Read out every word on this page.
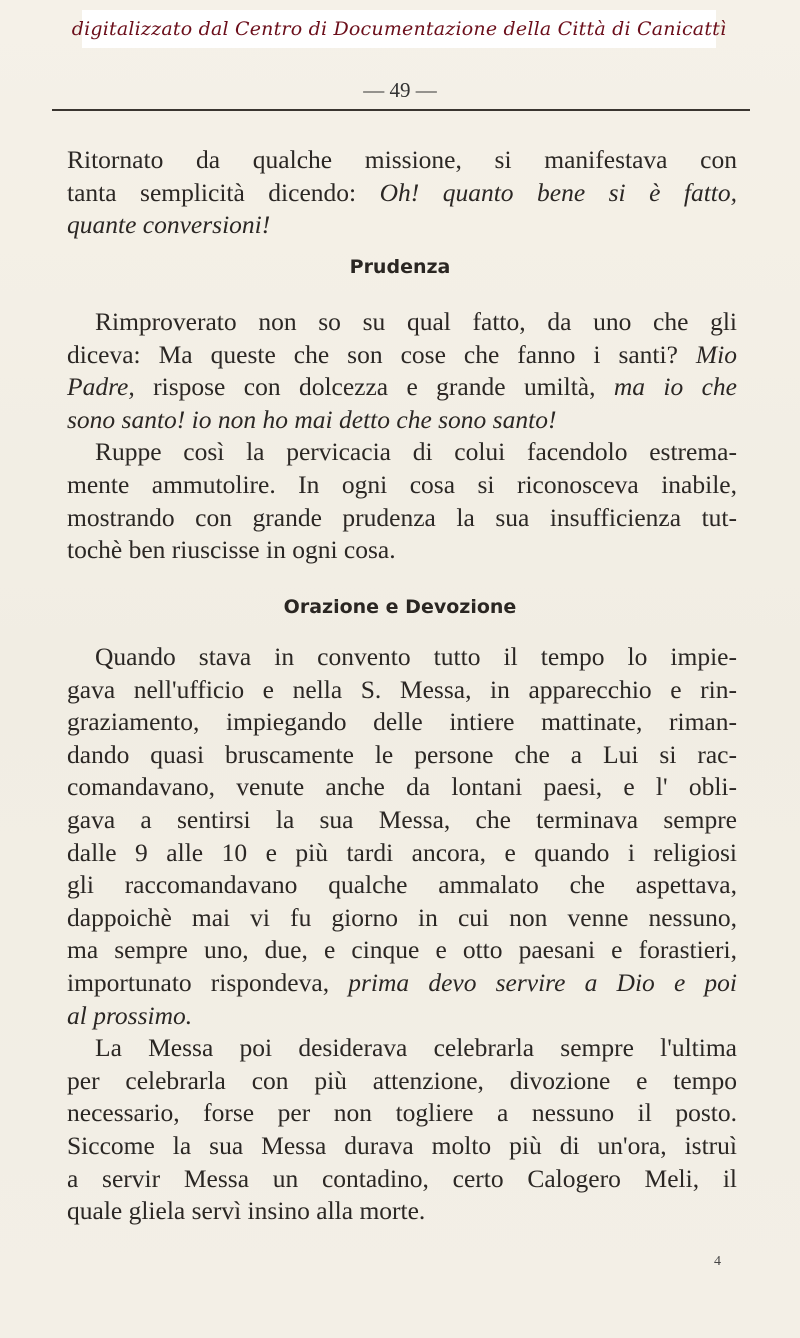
digitalizzato dal Centro di Documentazione della Città di Canicattì
— 49 —
Ritornato da qualche missione, si manifestava con
tanta semplicità dicendo: Oh! quanto bene si è fatto,
quante conversioni!
Prudenza
Rimproverato non so su qual fatto, da uno che gli
diceva: Ma queste che son cose che fanno i santi? Mio
Padre, rispose con dolcezza e grande umiltà, ma io che
sono santo! io non ho mai detto che sono santo!
Ruppe così la pervicacia di colui facendolo estrema-
mente ammutolire. In ogni cosa si riconosceva inabile,
mostrando con grande prudenza la sua insufficienza tut-
tochè ben riuscisse in ogni cosa.
Orazione e Devozione
Quando stava in convento tutto il tempo lo impie-
gava nell'ufficio e nella S. Messa, in apparecchio e rin-
graziamento, impiegando delle intiere mattinate, riman-
dando quasi bruscamente le persone che a Lui si rac-
comandavano, venute anche da lontani paesi, e l' obli-
gava a sentirsi la sua Messa, che terminava sempre
dalle 9 alle 10 e più tardi ancora, e quando i religiosi
gli raccomandavano qualche ammalato che aspettava,
dappoichè mai vi fu giorno in cui non venne nessuno,
ma sempre uno, due, e cinque e otto paesani e forastieri,
importunato rispondeva, prima devo servire a Dio e poi
al prossimo.
La Messa poi desiderava celebrarla sempre l'ultima
per celebrarla con più attenzione, divozione e tempo
necessario, forse per non togliere a nessuno il posto.
Siccome la sua Messa durava molto più di un'ora, istruì
a servir Messa un contadino, certo Calogero Meli, il
quale gliela servì insino alla morte.
4
